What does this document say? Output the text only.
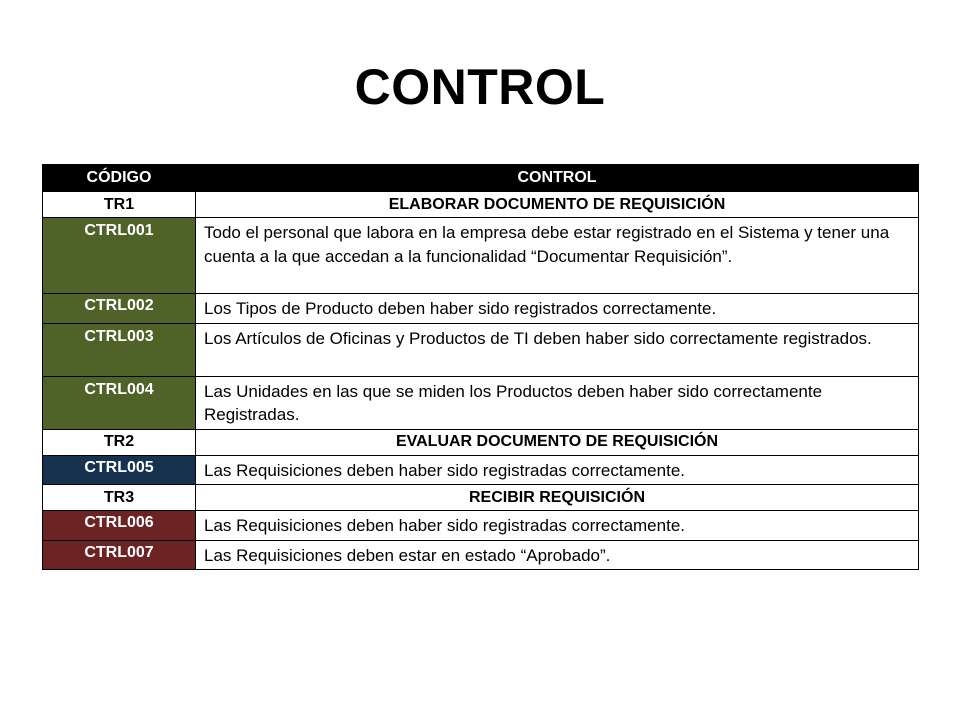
CONTROL
CÓDIGO	CONTROL
TR1	ELABORAR DOCUMENTO DE REQUISICIÓN
CTRL001	Todo el personal que labora en la empresa debe estar registrado en el Sistema y tener una cuenta a la que accedan a la funcionalidad “Documentar Requisición”.
CTRL002	Los Tipos de Producto deben haber sido registrados correctamente.
CTRL003	Los Artículos de Oficinas y Productos de TI deben haber sido correctamente registrados.
CTRL004	Las Unidades en las que se miden los Productos deben haber sido correctamente Registradas.
TR2	EVALUAR DOCUMENTO DE REQUISICIÓN
CTRL005	Las Requisiciones deben haber sido registradas correctamente.
TR3	RECIBIR REQUISICIÓN
CTRL006	Las Requisiciones deben haber sido registradas correctamente.
CTRL007	Las Requisiciones deben estar en estado “Aprobado”.
